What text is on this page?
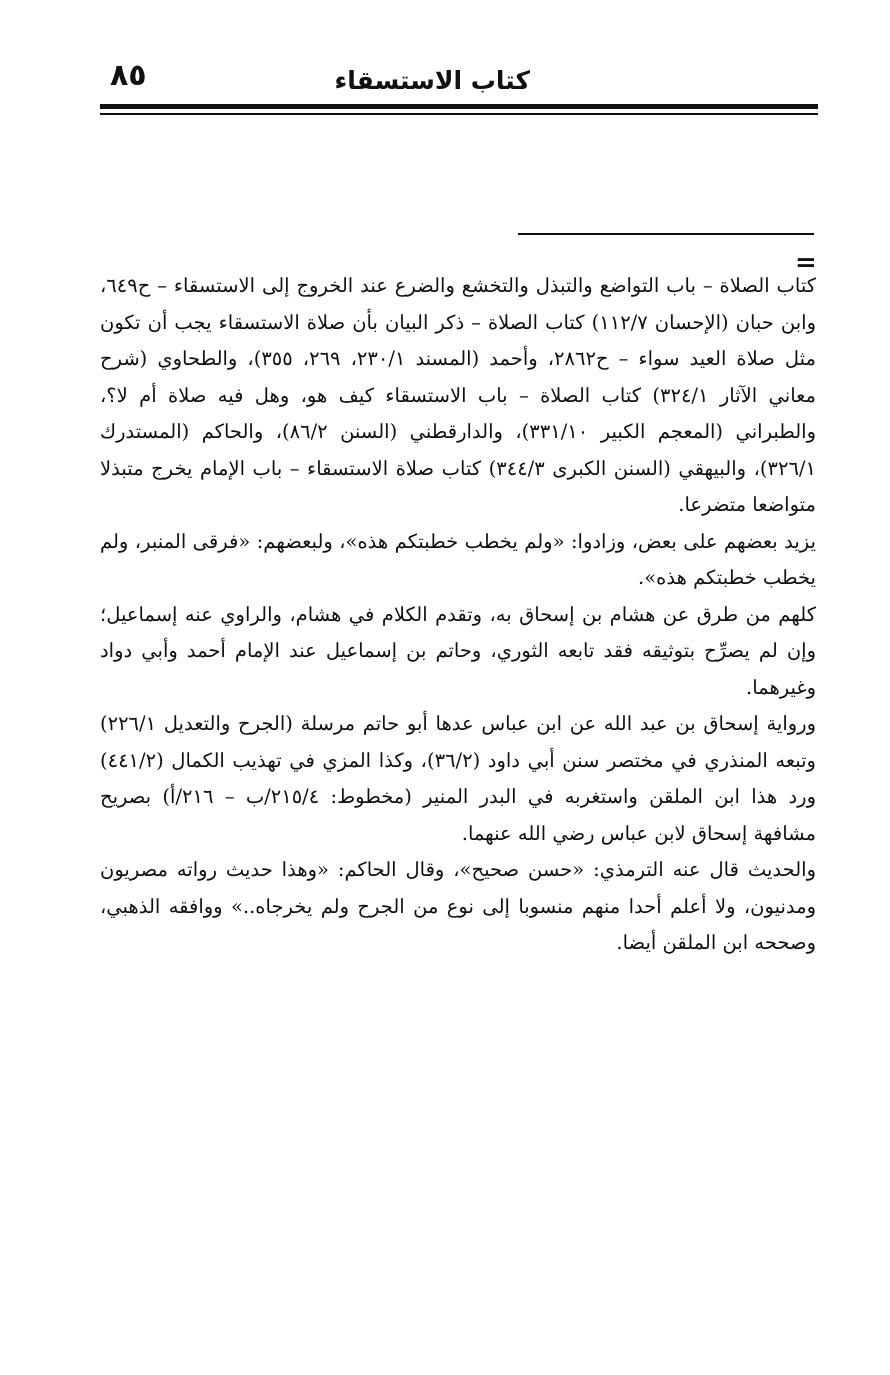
كتاب الاستسقاء
٨٥
=

كتاب الصلاة – باب التواضع والتبذل والتخشع والضرع عند الخروج إلى الاستسقاء – ح٦٤٩، وابن حبان (الإحسان ١١٢/٧) كتاب الصلاة – ذكر البيان بأن صلاة الاستسقاء يجب أن تكون مثل صلاة العيد سواء – ح٢٨٦٢، وأحمد (المسند ٢٣٠/١، ٢٦٩، ٣٥٥)، والطحاوي (شرح معاني الآثار ٣٢٤/١) كتاب الصلاة – باب الاستسقاء كيف هو، وهل فيه صلاة أم لا؟، والطبراني (المعجم الكبير ٣٣١/١٠)، والدارقطني (السنن ٨٦/٢)، والحاكم (المستدرك ٣٢٦/١)، والبيهقي (السنن الكبرى ٣٤٤/٣) كتاب صلاة الاستسقاء – باب الإمام يخرج متبذلا متواضعا متضرعا.

يزيد بعضهم على بعض، وزادوا: «ولم يخطب خطبتكم هذه»، ولبعضهم: «فرقى المنبر، ولم يخطب خطبتكم هذه».

كلهم من طرق عن هشام بن إسحاق به، وتقدم الكلام في هشام، والراوي عنه إسماعيل؛ وإن لم يصرِّح بتوثيقه فقد تابعه الثوري، وحاتم بن إسماعيل عند الإمام أحمد وأبي دواد وغيرهما.

ورواية إسحاق بن عبد الله عن ابن عباس عدها أبو حاتم مرسلة (الجرح والتعديل ٢٢٦/١) وتبعه المنذري في مختصر سنن أبي داود (٣٦/٢)، وكذا المزي في تهذيب الكمال (٤٤١/٢) ورد هذا ابن الملقن واستغربه في البدر المنير (مخطوط: ٢١٥/٤/ب – ٢١٦/أ) بصريح مشافهة إسحاق لابن عباس رضي الله عنهما.

والحديث قال عنه الترمذي: «حسن صحيح»، وقال الحاكم: «وهذا حديث رواته مصريون ومدنيون، ولا أعلم أحدا منهم منسوبا إلى نوع من الجرح ولم يخرجاه..» ووافقه الذهبي، وصححه ابن الملقن أيضا.
